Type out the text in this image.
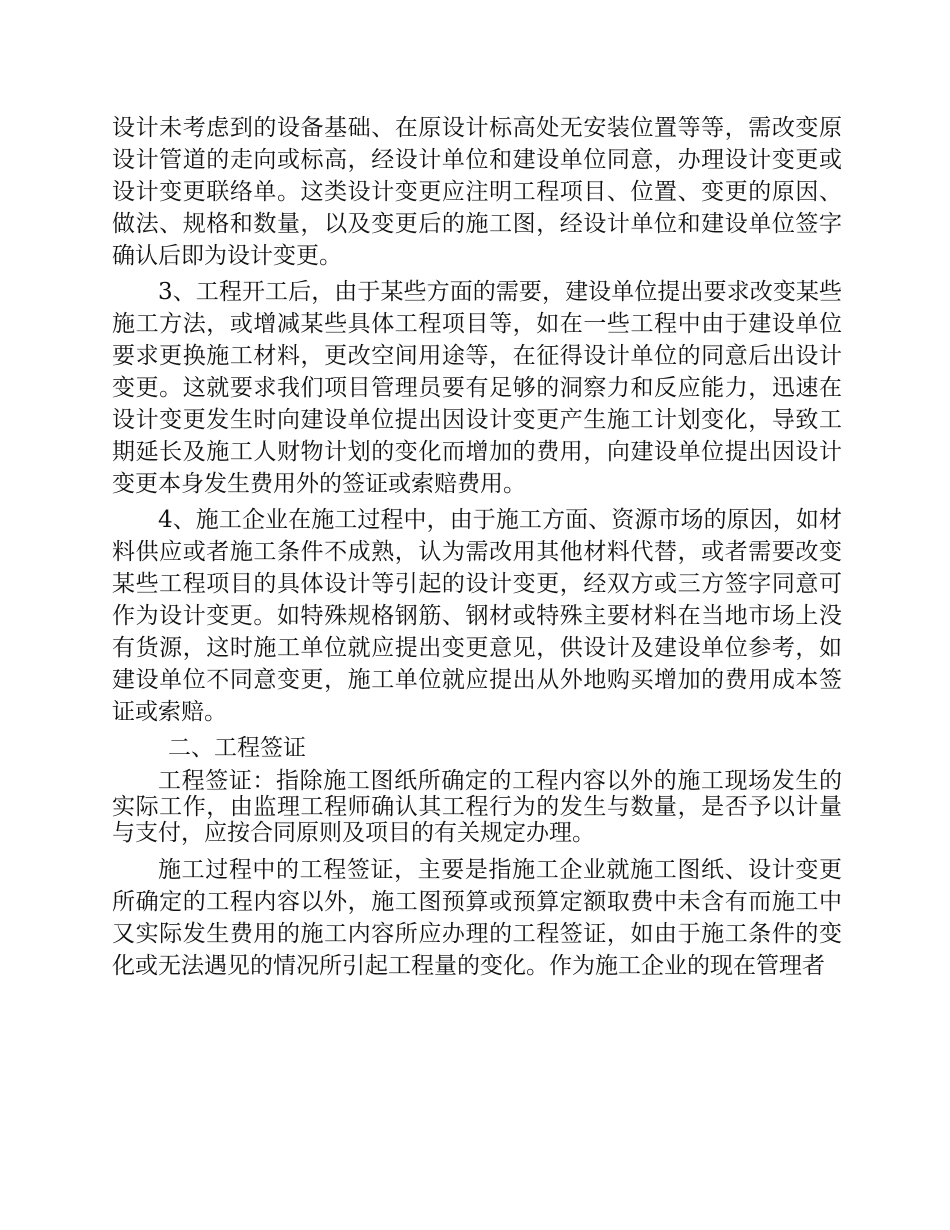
设计未考虑到的设备基础、在原设计标高处无安装位置等等，需改变原设计管道的走向或标高，经设计单位和建设单位同意，办理设计变更或设计变更联络单。这类设计变更应注明工程项目、位置、变更的原因、做法、规格和数量，以及变更后的施工图，经设计单位和建设单位签字确认后即为设计变更。

3、工程开工后，由于某些方面的需要，建设单位提出要求改变某些施工方法，或增减某些具体工程项目等，如在一些工程中由于建设单位要求更换施工材料，更改空间用途等，在征得设计单位的同意后出设计变更。这就要求我们项目管理员要有足够的洞察力和反应能力，迅速在设计变更发生时向建设单位提出因设计变更产生施工计划变化，导致工期延长及施工人财物计划的变化而增加的费用，向建设单位提出因设计变更本身发生费用外的签证或索赔费用。

4、施工企业在施工过程中，由于施工方面、资源市场的原因，如材料供应或者施工条件不成熟，认为需改用其他材料代替，或者需要改变某些工程项目的具体设计等引起的设计变更，经双方或三方签字同意可作为设计变更。如特殊规格钢筋、钢材或特殊主要材料在当地市场上没有货源，这时施工单位就应提出变更意见，供设计及建设单位参考，如建设单位不同意变更，施工单位就应提出从外地购买增加的费用成本签证或索赔。

二、工程签证

工程签证：指除施工图纸所确定的工程内容以外的施工现场发生的实际工作，由监理工程师确认其工程行为的发生与数量，是否予以计量与支付，应按合同原则及项目的有关规定办理。

施工过程中的工程签证，主要是指施工企业就施工图纸、设计变更所确定的工程内容以外，施工图预算或预算定额取费中未含有而施工中又实际发生费用的施工内容所应办理的工程签证，如由于施工条件的变化或无法遇见的情况所引起工程量的变化。作为施工企业的现在管理者
